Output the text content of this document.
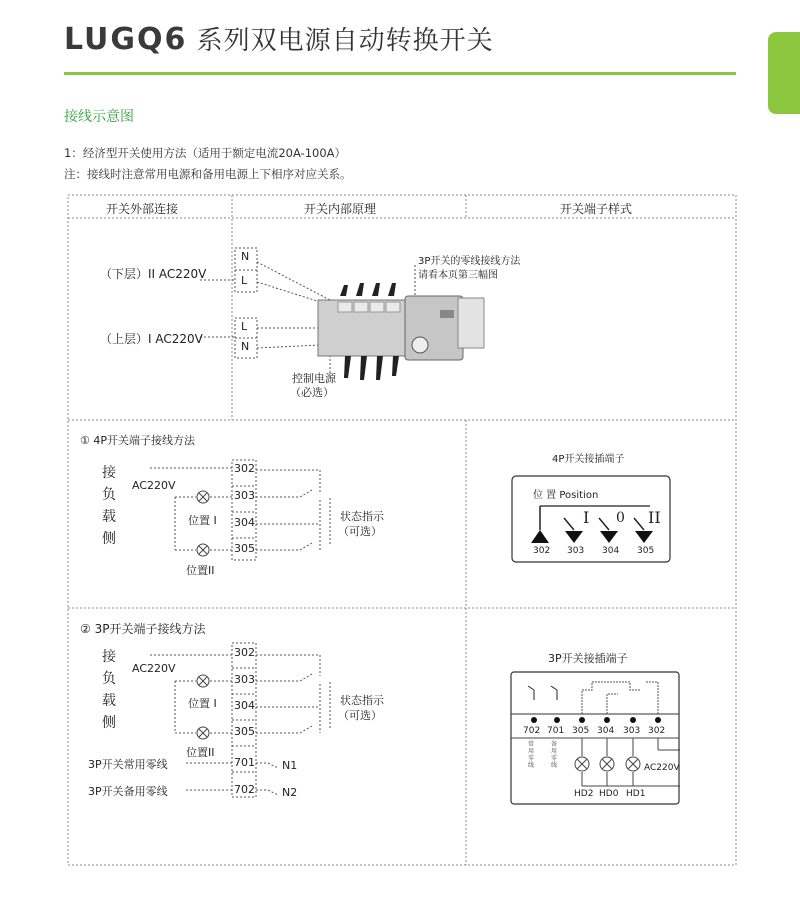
LUGQ6 系列双电源自动转换开关
接线示意图
1：经济型开关使用方法（适用于额定电流20A-100A）
注：接线时注意常用电源和备用电源上下相序对应关系。
开关外部连接	开关内部原理	开关端子样式
（下层）II AC220V
（上层）I AC220V
N
L
L
N
3P开关的零线接线方法
请看本页第三幅图
控制电源
（必选）
① 4P开关端子接线方法
接
负
载
侧
AC220V
位置 I
位置II
302
303
304
305
状态指示
（可选）
4P开关接插端子
位 置 Position
I 0 II
302 303 304 305
② 3P开关端子接线方法
接
负
载
侧
AC220V
位置 I
位置II
302
303
304
305
701
702
状态指示
（可选）
3P开关常用零线
3P开关备用零线
N1
N2
3P开关接插端子
702 701 305 304 303 302
常用零线
备用零线
HD2 HD0 HD1
AC220V
